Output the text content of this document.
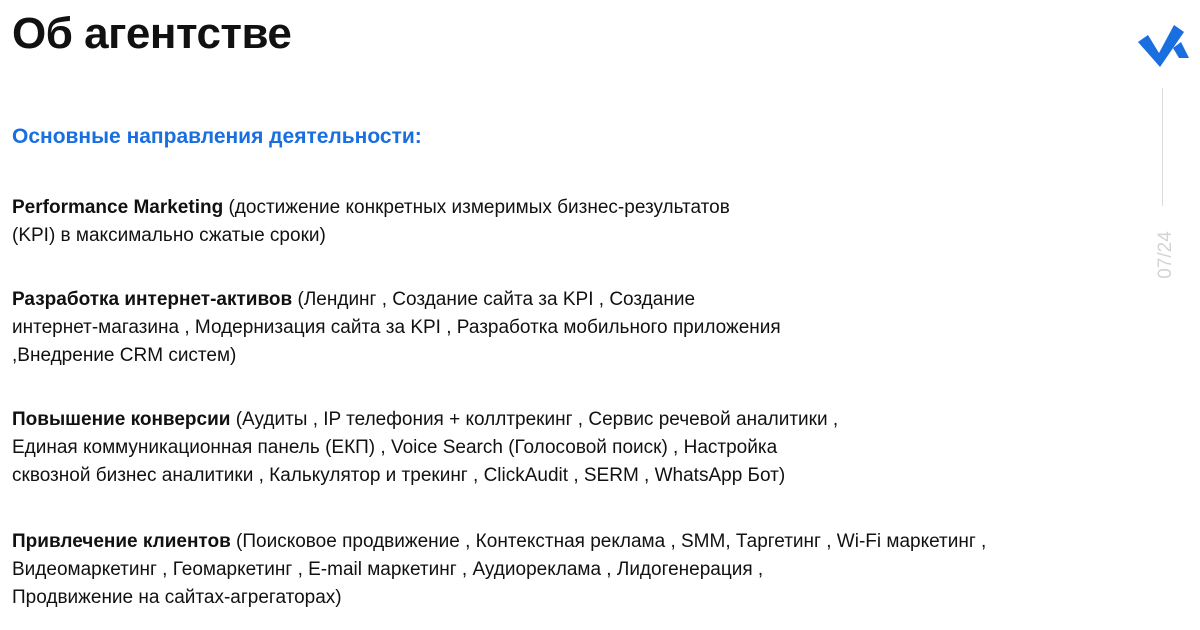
Об агентстве
07/24
Основные направления деятельности:

Performance Marketing (достижение конкретных измеримых бизнес-результатов
(KPI) в максимально сжатые сроки)

Разработка интернет-активов (Лендинг , Создание сайта за KPI , Создание
интернет-магазина , Модернизация сайта за KPI , Разработка мобильного приложения
,Внедрение CRM систем)

Повышение конверсии (Аудиты , IP телефония + коллтрекинг , Сервис речевой аналитики ,
Единая коммуникационная панель (ЕКП) , Voice Search (Голосовой поиск) , Настройка
сквозной бизнес аналитики , Калькулятор и трекинг , ClickAudit , SERM , WhatsApp Бот)

Привлечение клиентов (Поисковое продвижение , Контекстная реклама , SMM, Таргетинг , Wi-Fi маркетинг ,
Видеомаркетинг , Геомаркетинг , E-mail маркетинг , Аудиореклама , Лидогенерация ,
Продвижение на сайтах-агрегаторах)
